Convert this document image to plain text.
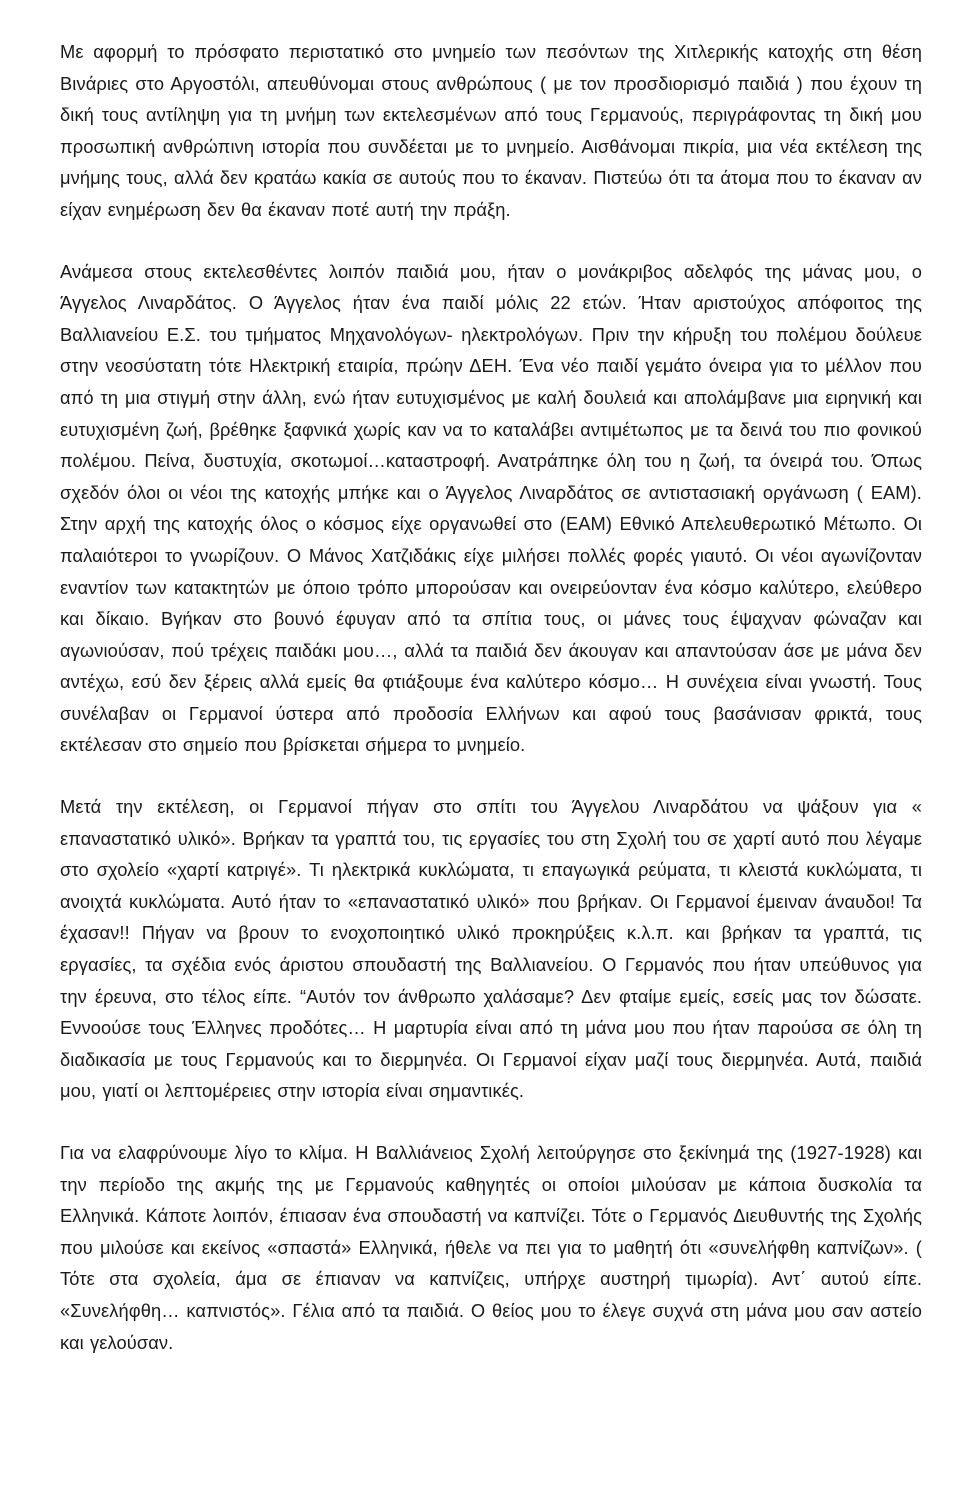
Με αφορμή το πρόσφατο περιστατικό στο μνημείο των πεσόντων της Χιτλερικής κατοχής στη θέση Βινάριες στο Αργοστόλι, απευθύνομαι στους ανθρώπους ( με τον προσδιορισμό παιδιά ) που έχουν τη δική τους αντίληψη για τη μνήμη των εκτελεσμένων από τους Γερμανούς, περιγράφοντας τη δική μου προσωπική ανθρώπινη ιστορία που συνδέεται με το μνημείο. Αισθάνομαι πικρία, μια νέα εκτέλεση της μνήμης τους, αλλά δεν κρατάω κακία σε αυτούς που το έκαναν. Πιστεύω ότι τα άτομα που το έκαναν αν είχαν ενημέρωση δεν θα έκαναν ποτέ αυτή την πράξη.

Ανάμεσα στους εκτελεσθέντες λοιπόν παιδιά μου, ήταν ο μονάκριβος αδελφός της μάνας μου, ο Άγγελος Λιναρδάτος. Ο Άγγελος ήταν ένα παιδί μόλις 22 ετών. Ήταν αριστούχος απόφοιτος της Βαλλιανείου Ε.Σ. του τμήματος Μηχανολόγων- ηλεκτρολόγων. Πριν την κήρυξη του πολέμου δούλευε στην νεοσύστατη τότε Ηλεκτρική εταιρία, πρώην ΔΕΗ. Ένα νέο παιδί γεμάτο όνειρα για το μέλλον που από τη μια στιγμή στην άλλη, ενώ ήταν ευτυχισμένος με καλή δουλειά και απολάμβανε μια ειρηνική και ευτυχισμένη ζωή, βρέθηκε ξαφνικά χωρίς καν να το καταλάβει αντιμέτωπος με τα δεινά του πιο φονικού πολέμου. Πείνα, δυστυχία, σκοτωμοί…καταστροφή. Ανατράπηκε όλη του η ζωή, τα όνειρά του. Όπως σχεδόν όλοι οι νέοι της κατοχής μπήκε και ο Άγγελος Λιναρδάτος σε αντιστασιακή οργάνωση ( ΕΑΜ). Στην αρχή της κατοχής όλος ο κόσμος είχε οργανωθεί στο (ΕΑΜ) Εθνικό Απελευθερωτικό Μέτωπο. Οι παλαιότεροι το γνωρίζουν. Ο Μάνος Χατζιδάκις είχε μιλήσει πολλές φορές γιαυτό. Οι νέοι αγωνίζονταν εναντίον των κατακτητών με όποιο τρόπο μπορούσαν και ονειρεύονταν ένα κόσμο καλύτερο, ελεύθερο και δίκαιο. Βγήκαν στο βουνό έφυγαν από τα σπίτια τους, οι μάνες τους έψαχναν φώναζαν και αγωνιούσαν, πού τρέχεις παιδάκι μου…, αλλά τα παιδιά δεν άκουγαν και απαντούσαν άσε με μάνα δεν αντέχω, εσύ δεν ξέρεις αλλά εμείς θα φτιάξουμε ένα καλύτερο κόσμο… Η συνέχεια είναι γνωστή. Τους συνέλαβαν οι Γερμανοί ύστερα από προδοσία Ελλήνων και αφού τους βασάνισαν φρικτά, τους εκτέλεσαν στο σημείο που βρίσκεται σήμερα το μνημείο.

Μετά την εκτέλεση, οι Γερμανοί πήγαν στο σπίτι του Άγγελου Λιναρδάτου να ψάξουν για « επαναστατικό υλικό». Βρήκαν τα γραπτά του, τις εργασίες του στη Σχολή του σε χαρτί αυτό που λέγαμε στο σχολείο «χαρτί κατριγέ». Τι ηλεκτρικά κυκλώματα, τι επαγωγικά ρεύματα, τι κλειστά κυκλώματα, τι ανοιχτά κυκλώματα. Αυτό ήταν το «επαναστατικό υλικό» που βρήκαν. Οι Γερμανοί έμειναν άναυδοι! Τα έχασαν!! Πήγαν να βρουν το ενοχοποιητικό υλικό προκηρύξεις κ.λ.π. και βρήκαν τα γραπτά, τις εργασίες, τα σχέδια ενός άριστου σπουδαστή της Βαλλιανείου. Ο Γερμανός που ήταν υπεύθυνος για την έρευνα, στο τέλος είπε. “Αυτόν τον άνθρωπο χαλάσαμε? Δεν φταίμε εμείς, εσείς μας τον δώσατε. Εννοούσε τους Έλληνες προδότες… Η μαρτυρία είναι από τη μάνα μου που ήταν παρούσα σε όλη τη διαδικασία με τους Γερμανούς και το διερμηνέα. Οι Γερμανοί είχαν μαζί τους διερμηνέα. Αυτά, παιδιά μου, γιατί οι λεπτομέρειες στην ιστορία είναι σημαντικές.

Για να ελαφρύνουμε λίγο το κλίμα. Η Βαλλιάνειος Σχολή λειτούργησε στο ξεκίνημά της (1927-1928) και την περίοδο της ακμής της με Γερμανούς καθηγητές οι οποίοι μιλούσαν με κάποια δυσκολία τα Ελληνικά. Κάποτε λοιπόν, έπιασαν ένα σπουδαστή να καπνίζει. Τότε ο Γερμανός Διευθυντής της Σχολής που μιλούσε και εκείνος «σπαστά» Ελληνικά, ήθελε να πει για το μαθητή ότι «συνελήφθη καπνίζων». ( Τότε στα σχολεία, άμα σε έπιαναν να καπνίζεις, υπήρχε αυστηρή τιμωρία). Αντ΄ αυτού είπε. «Συνελήφθη… καπνιστός». Γέλια από τα παιδιά. Ο θείος μου το έλεγε συχνά στη μάνα μου σαν αστείο και γελούσαν.
